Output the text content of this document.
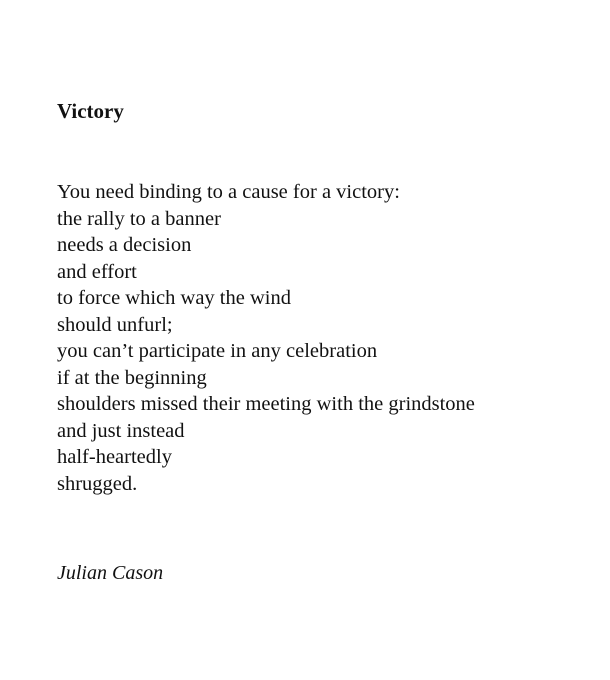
Victory
You need binding to a cause for a victory:
the rally to a banner
needs a decision
and effort
to force which way the wind
should unfurl;
you can’t participate in any celebration
if at the beginning
shoulders missed their meeting with the grindstone
and just instead
half-heartedly
shrugged.

Julian Cason
